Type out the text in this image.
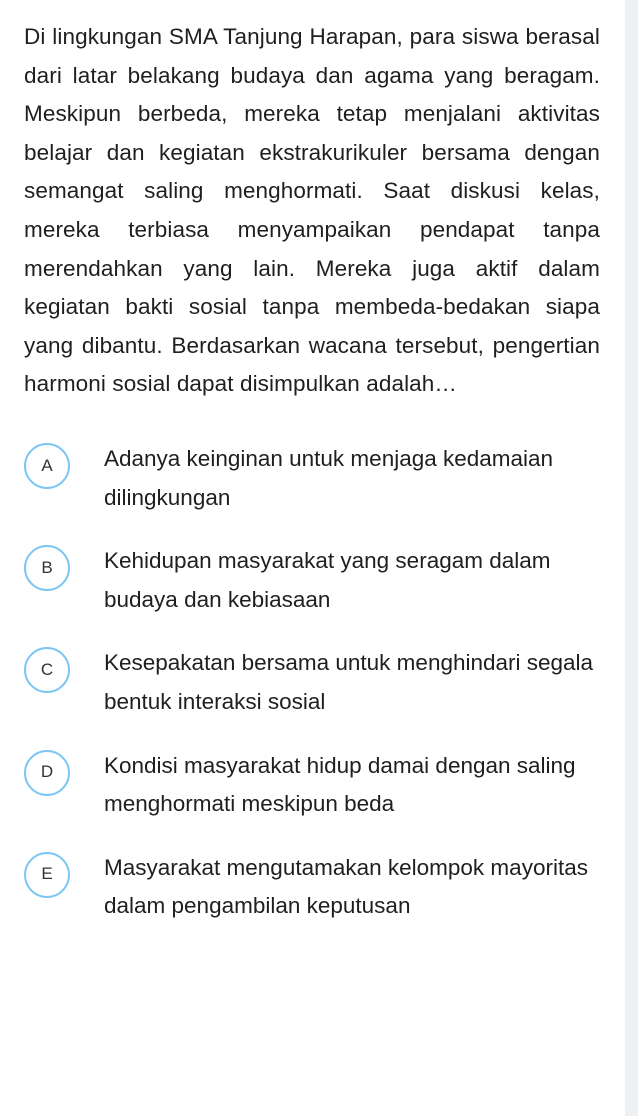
Di lingkungan SMA Tanjung Harapan, para siswa berasal dari latar belakang budaya dan agama yang beragam. Meskipun berbeda, mereka tetap menjalani aktivitas belajar dan kegiatan ekstrakurikuler bersama dengan semangat saling menghormati. Saat diskusi kelas, mereka terbiasa menyampaikan pendapat tanpa merendahkan yang lain. Mereka juga aktif dalam kegiatan bakti sosial tanpa membeda-bedakan siapa yang dibantu. Berdasarkan wacana tersebut, pengertian harmoni sosial dapat disimpulkan adalah…

A	Adanya keinginan untuk menjaga kedamaian dilingkungan
B	Kehidupan masyarakat yang seragam dalam budaya dan kebiasaan
C	Kesepakatan bersama untuk menghindari segala bentuk interaksi sosial
D	Kondisi masyarakat hidup damai dengan saling menghormati meskipun beda
E	Masyarakat mengutamakan kelompok mayoritas dalam pengambilan keputusan
